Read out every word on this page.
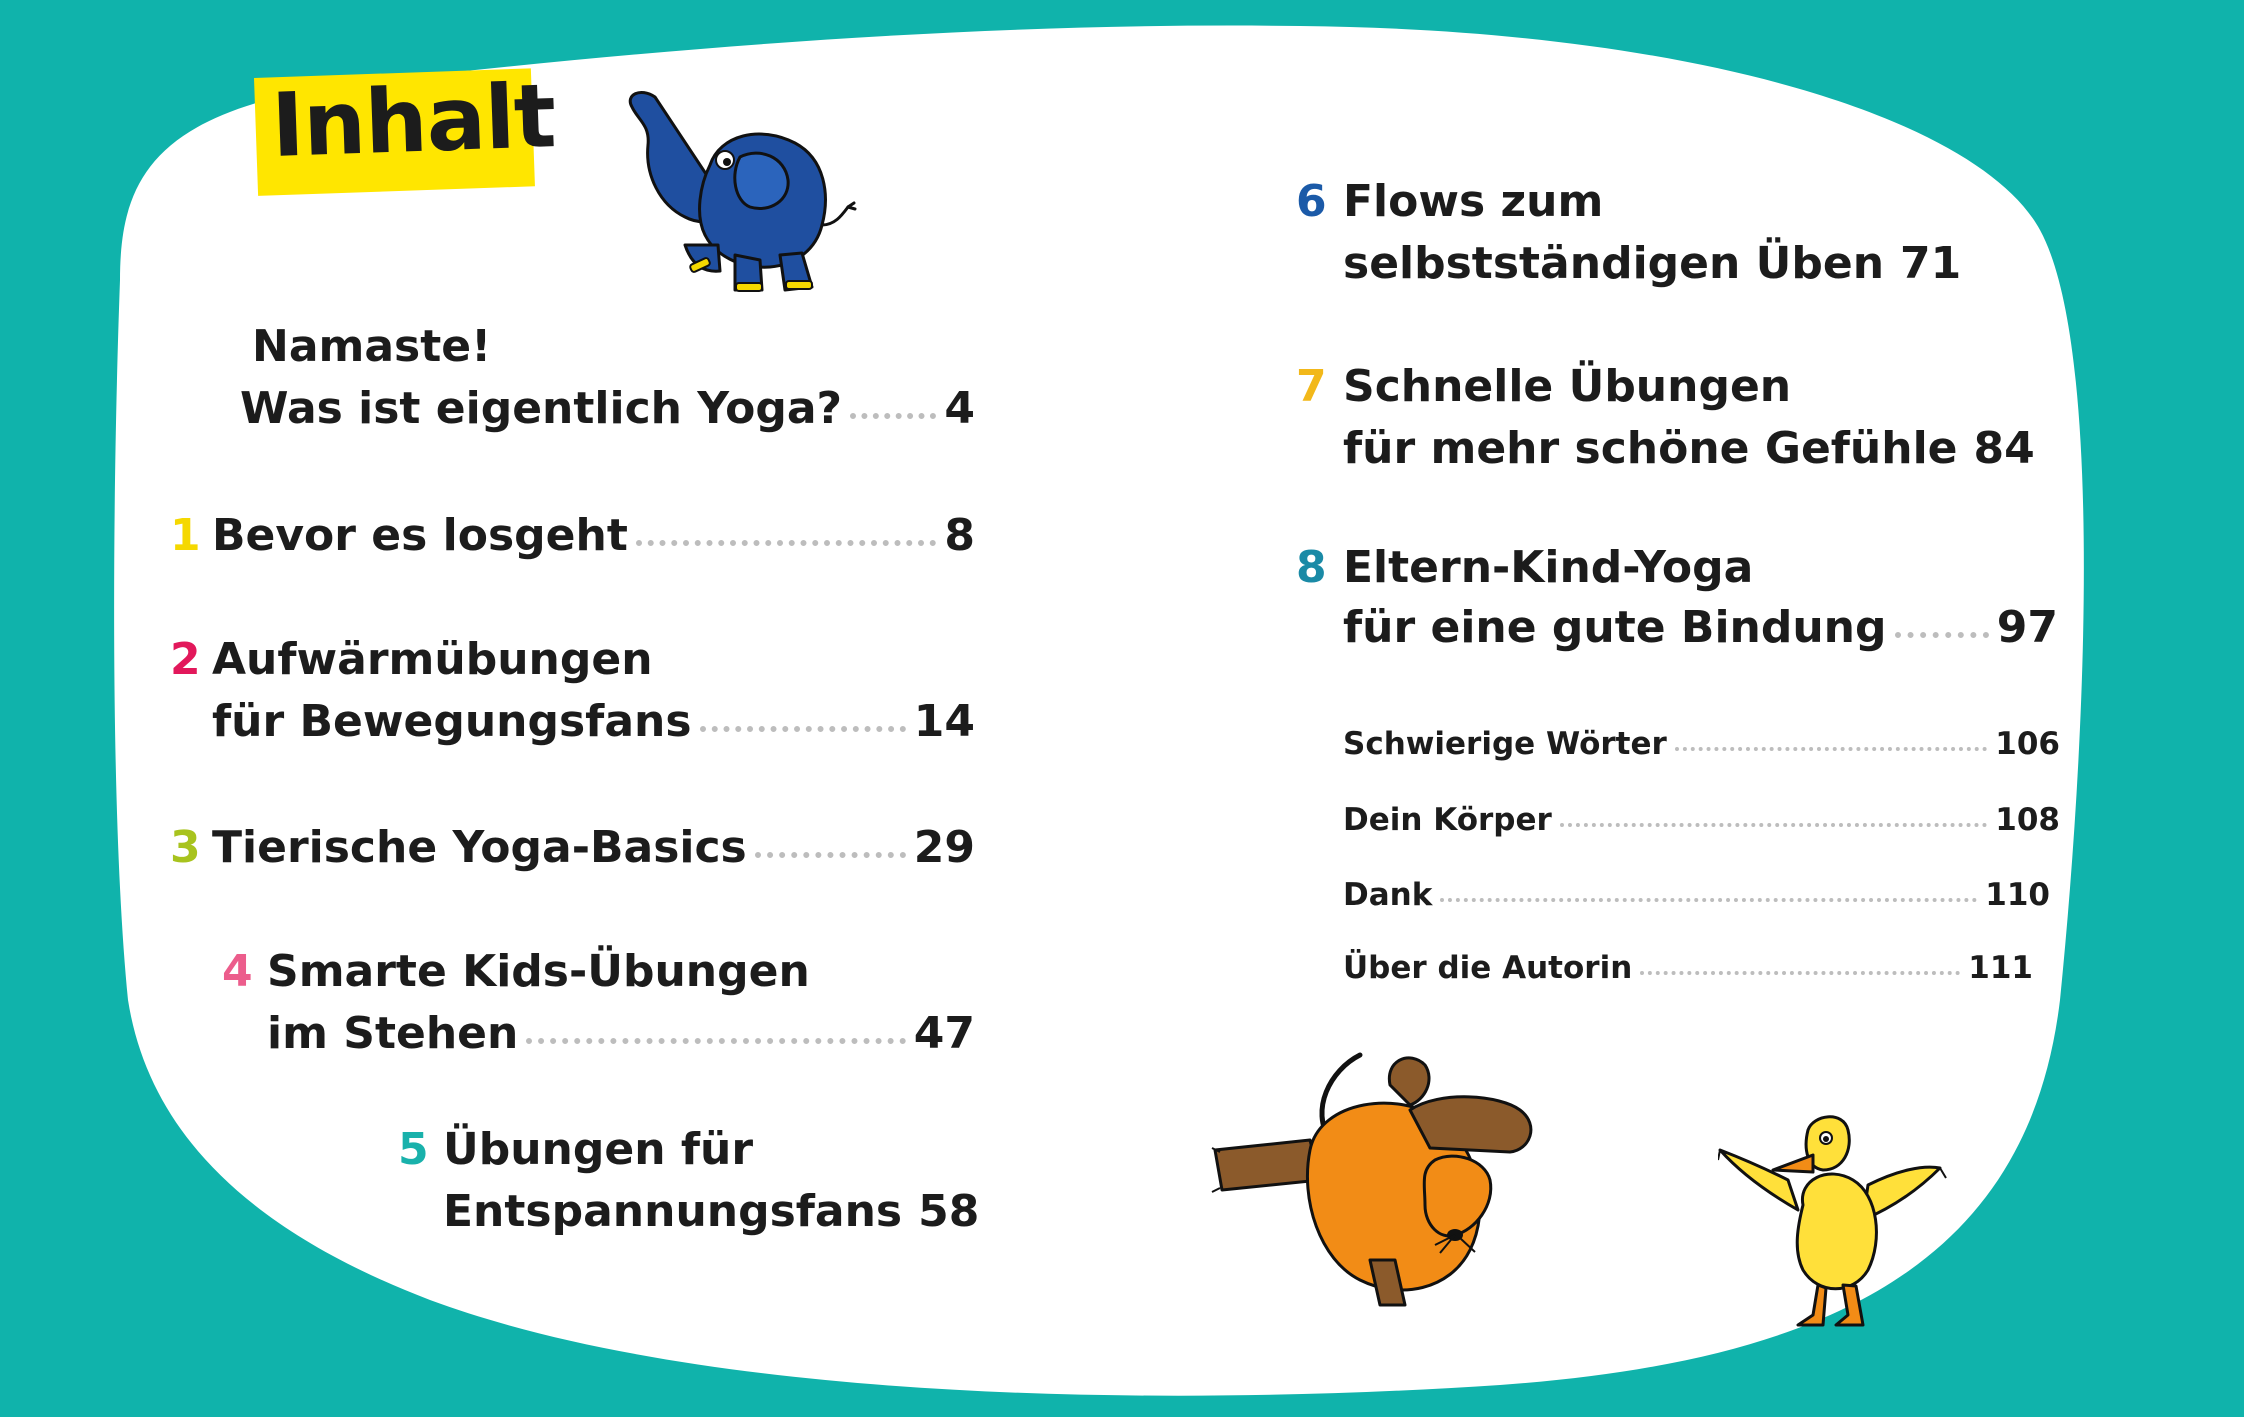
Inhalt
Namaste!
Was ist eigentlich Yoga? 4
1 Bevor es losgeht	8
2 Aufwärmübungen
für Bewegungsfans	14
3 Tierische Yoga-Basics	29
4 Smarte Kids-Übungen
im Stehen	47
5 Übungen für
Entspannungsfans 58
6 Flows zum
selbstständigen Üben 71
7 Schnelle Übungen
für mehr schöne Gefühle 84
8 Eltern-Kind-Yoga
für eine gute Bindung	97
Schwierige Wörter	106
Dein Körper	108
Dank	110
Über die Autorin	111
